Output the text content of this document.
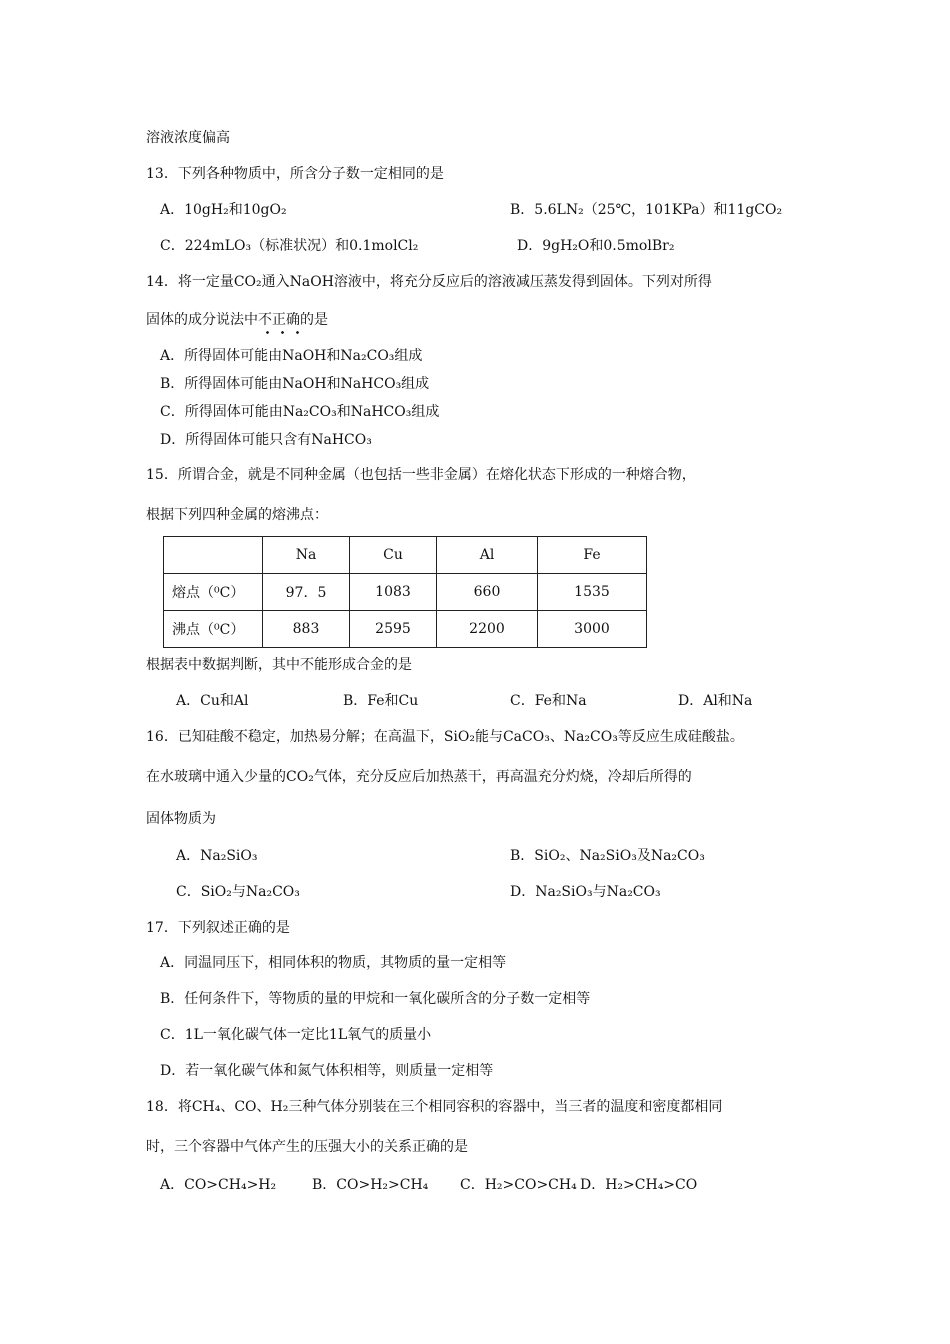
溶液浓度偏高
13．下列各种物质中，所含分子数一定相同的是
A．10gH₂和10gO₂	B．5.6LN₂（25℃，101KPa）和11gCO₂
C．224mLO₃（标准状况）和0.1molCl₂	D．9gH₂O和0.5molBr₂
14．将一定量CO₂通入NaOH溶液中，将充分反应后的溶液减压蒸发得到固体。下列对所得
固体的成分说法中不正确的是
A．所得固体可能由NaOH和Na₂CO₃组成
B．所得固体可能由NaOH和NaHCO₃组成
C．所得固体可能由Na₂CO₃和NaHCO₃组成
D．所得固体可能只含有NaHCO₃
15．所谓合金，就是不同种金属（也包括一些非金属）在熔化状态下形成的一种熔合物，
根据下列四种金属的熔沸点：
	Na	Cu	Al	Fe
熔点（⁰C）	97．5	1083	660	1535
沸点（⁰C）	883	2595	2200	3000
根据表中数据判断，其中不能形成合金的是
A．Cu和Al	B．Fe和Cu	C．Fe和Na	D．Al和Na
16．已知硅酸不稳定，加热易分解；在高温下，SiO₂能与CaCO₃、Na₂CO₃等反应生成硅酸盐。
在水玻璃中通入少量的CO₂气体，充分反应后加热蒸干，再高温充分灼烧，冷却后所得的
固体物质为
A．Na₂SiO₃	B．SiO₂、Na₂SiO₃及Na₂CO₃
C．SiO₂与Na₂CO₃	D．Na₂SiO₃与Na₂CO₃
17．下列叙述正确的是
A．同温同压下，相同体积的物质，其物质的量一定相等
B．任何条件下，等物质的量的甲烷和一氧化碳所含的分子数一定相等
C．1L一氧化碳气体一定比1L氧气的质量小
D．若一氧化碳气体和氮气体积相等，则质量一定相等
18．将CH₄、CO、H₂三种气体分别装在三个相同容积的容器中，当三者的温度和密度都相同
时，三个容器中气体产生的压强大小的关系正确的是
A．CO>CH₄>H₂	B．CO>H₂>CH₄ C．H₂>CO>CH₄ D．H₂>CH₄>CO
